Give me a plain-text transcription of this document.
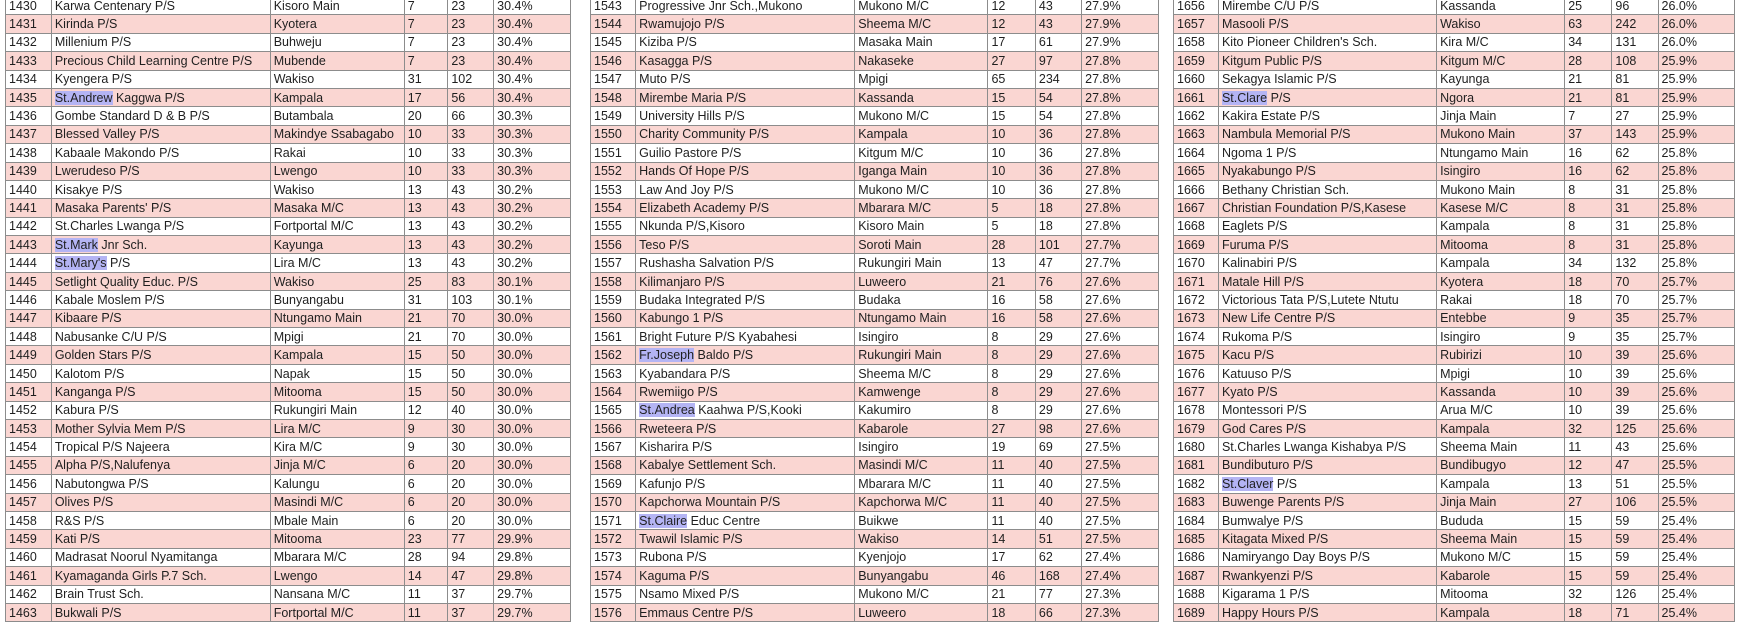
1430	Karwa Centenary P/S	Kisoro Main	7	23	30.4%
1431	Kirinda P/S	Kyotera	7	23	30.4%
1432	Millenium P/S	Buhweju	7	23	30.4%
1433	Precious Child Learning Centre P/S	Mubende	7	23	30.4%
1434	Kyengera P/S	Wakiso	31	102	30.4%
1435	St.Andrew Kaggwa P/S	Kampala	17	56	30.4%
1436	Gombe Standard D & B P/S	Butambala	20	66	30.3%
1437	Blessed Valley P/S	Makindye Ssabagabo	10	33	30.3%
1438	Kabaale Makondo P/S	Rakai	10	33	30.3%
1439	Lwerudeso P/S	Lwengo	10	33	30.3%
1440	Kisakye P/S	Wakiso	13	43	30.2%
1441	Masaka Parents' P/S	Masaka M/C	13	43	30.2%
1442	St.Charles Lwanga P/S	Fortportal M/C	13	43	30.2%
1443	St.Mark Jnr Sch.	Kayunga	13	43	30.2%
1444	St.Mary's P/S	Lira M/C	13	43	30.2%
1445	Setlight Quality Educ. P/S	Wakiso	25	83	30.1%
1446	Kabale Moslem P/S	Bunyangabu	31	103	30.1%
1447	Kibaare P/S	Ntungamo Main	21	70	30.0%
1448	Nabusanke C/U P/S	Mpigi	21	70	30.0%
1449	Golden Stars P/S	Kampala	15	50	30.0%
1450	Kalotom P/S	Napak	15	50	30.0%
1451	Kanganga P/S	Mitooma	15	50	30.0%
1452	Kabura P/S	Rukungiri Main	12	40	30.0%
1453	Mother Sylvia Mem P/S	Lira M/C	9	30	30.0%
1454	Tropical P/S Najeera	Kira M/C	9	30	30.0%
1455	Alpha P/S,Nalufenya	Jinja M/C	6	20	30.0%
1456	Nabutongwa P/S	Kalungu	6	20	30.0%
1457	Olives P/S	Masindi M/C	6	20	30.0%
1458	R&S P/S	Mbale Main	6	20	30.0%
1459	Kati P/S	Mitooma	23	77	29.9%
1460	Madrasat Noorul Nyamitanga	Mbarara M/C	28	94	29.8%
1461	Kyamaganda Girls P.7 Sch.	Lwengo	14	47	29.8%
1462	Brain Trust Sch.	Nansana M/C	11	37	29.7%
1463	Bukwali P/S	Fortportal M/C	11	37	29.7%
1543	Progressive Jnr Sch.,Mukono	Mukono M/C	12	43	27.9%
1544	Rwamujojo P/S	Sheema M/C	12	43	27.9%
1545	Kiziba P/S	Masaka Main	17	61	27.9%
1546	Kasagga P/S	Nakaseke	27	97	27.8%
1547	Muto P/S	Mpigi	65	234	27.8%
1548	Mirembe Maria P/S	Kassanda	15	54	27.8%
1549	University Hills P/S	Mukono M/C	15	54	27.8%
1550	Charity Community P/S	Kampala	10	36	27.8%
1551	Guilio Pastore P/S	Kitgum M/C	10	36	27.8%
1552	Hands Of Hope P/S	Iganga Main	10	36	27.8%
1553	Law And Joy P/S	Mukono M/C	10	36	27.8%
1554	Elizabeth Academy P/S	Mbarara M/C	5	18	27.8%
1555	Nkunda P/S,Kisoro	Kisoro Main	5	18	27.8%
1556	Teso P/S	Soroti Main	28	101	27.7%
1557	Rushasha Salvation P/S	Rukungiri Main	13	47	27.7%
1558	Kilimanjaro P/S	Luweero	21	76	27.6%
1559	Budaka Integrated P/S	Budaka	16	58	27.6%
1560	Kabungo 1 P/S	Ntungamo Main	16	58	27.6%
1561	Bright Future P/S Kyabahesi	Isingiro	8	29	27.6%
1562	Fr.Joseph Baldo P/S	Rukungiri Main	8	29	27.6%
1563	Kyabandara P/S	Sheema M/C	8	29	27.6%
1564	Rwemiigo P/S	Kamwenge	8	29	27.6%
1565	St.Andrea Kaahwa P/S,Kooki	Kakumiro	8	29	27.6%
1566	Rweteera P/S	Kabarole	27	98	27.6%
1567	Kisharira P/S	Isingiro	19	69	27.5%
1568	Kabalye Settlement Sch.	Masindi M/C	11	40	27.5%
1569	Kafunjo P/S	Mbarara M/C	11	40	27.5%
1570	Kapchorwa Mountain P/S	Kapchorwa M/C	11	40	27.5%
1571	St.Claire Educ Centre	Buikwe	11	40	27.5%
1572	Twawil Islamic P/S	Wakiso	14	51	27.5%
1573	Rubona P/S	Kyenjojo	17	62	27.4%
1574	Kaguma P/S	Bunyangabu	46	168	27.4%
1575	Nsamo Mixed P/S	Mukono M/C	21	77	27.3%
1576	Emmaus Centre P/S	Luweero	18	66	27.3%
1656	Mirembe C/U P/S	Kassanda	25	96	26.0%
1657	Masooli P/S	Wakiso	63	242	26.0%
1658	Kito Pioneer Children's Sch.	Kira M/C	34	131	26.0%
1659	Kitgum Public P/S	Kitgum M/C	28	108	25.9%
1660	Sekagya Islamic P/S	Kayunga	21	81	25.9%
1661	St.Clare P/S	Ngora	21	81	25.9%
1662	Kakira Estate P/S	Jinja Main	7	27	25.9%
1663	Nambula Memorial P/S	Mukono Main	37	143	25.9%
1664	Ngoma 1 P/S	Ntungamo Main	16	62	25.8%
1665	Nyakabungo P/S	Isingiro	16	62	25.8%
1666	Bethany Christian Sch.	Mukono Main	8	31	25.8%
1667	Christian Foundation P/S,Kasese	Kasese M/C	8	31	25.8%
1668	Eaglets P/S	Kampala	8	31	25.8%
1669	Furuma P/S	Mitooma	8	31	25.8%
1670	Kalinabiri P/S	Kampala	34	132	25.8%
1671	Matale Hill P/S	Kyotera	18	70	25.7%
1672	Victorious Tata P/S,Lutete Ntutu	Rakai	18	70	25.7%
1673	New Life Centre P/S	Entebbe	9	35	25.7%
1674	Rukoma P/S	Isingiro	9	35	25.7%
1675	Kacu P/S	Rubirizi	10	39	25.6%
1676	Katuuso P/S	Mpigi	10	39	25.6%
1677	Kyato P/S	Kassanda	10	39	25.6%
1678	Montessori P/S	Arua M/C	10	39	25.6%
1679	God Cares P/S	Kampala	32	125	25.6%
1680	St.Charles Lwanga Kishabya P/S	Sheema Main	11	43	25.6%
1681	Bundibuturo P/S	Bundibugyo	12	47	25.5%
1682	St.Claver P/S	Kampala	13	51	25.5%
1683	Buwenge Parents P/S	Jinja Main	27	106	25.5%
1684	Bumwalye P/S	Bududa	15	59	25.4%
1685	Kitagata Mixed P/S	Sheema Main	15	59	25.4%
1686	Namiryango Day Boys P/S	Mukono M/C	15	59	25.4%
1687	Rwankyenzi P/S	Kabarole	15	59	25.4%
1688	Kigarama 1 P/S	Mitooma	32	126	25.4%
1689	Happy Hours P/S	Kampala	18	71	25.4%
